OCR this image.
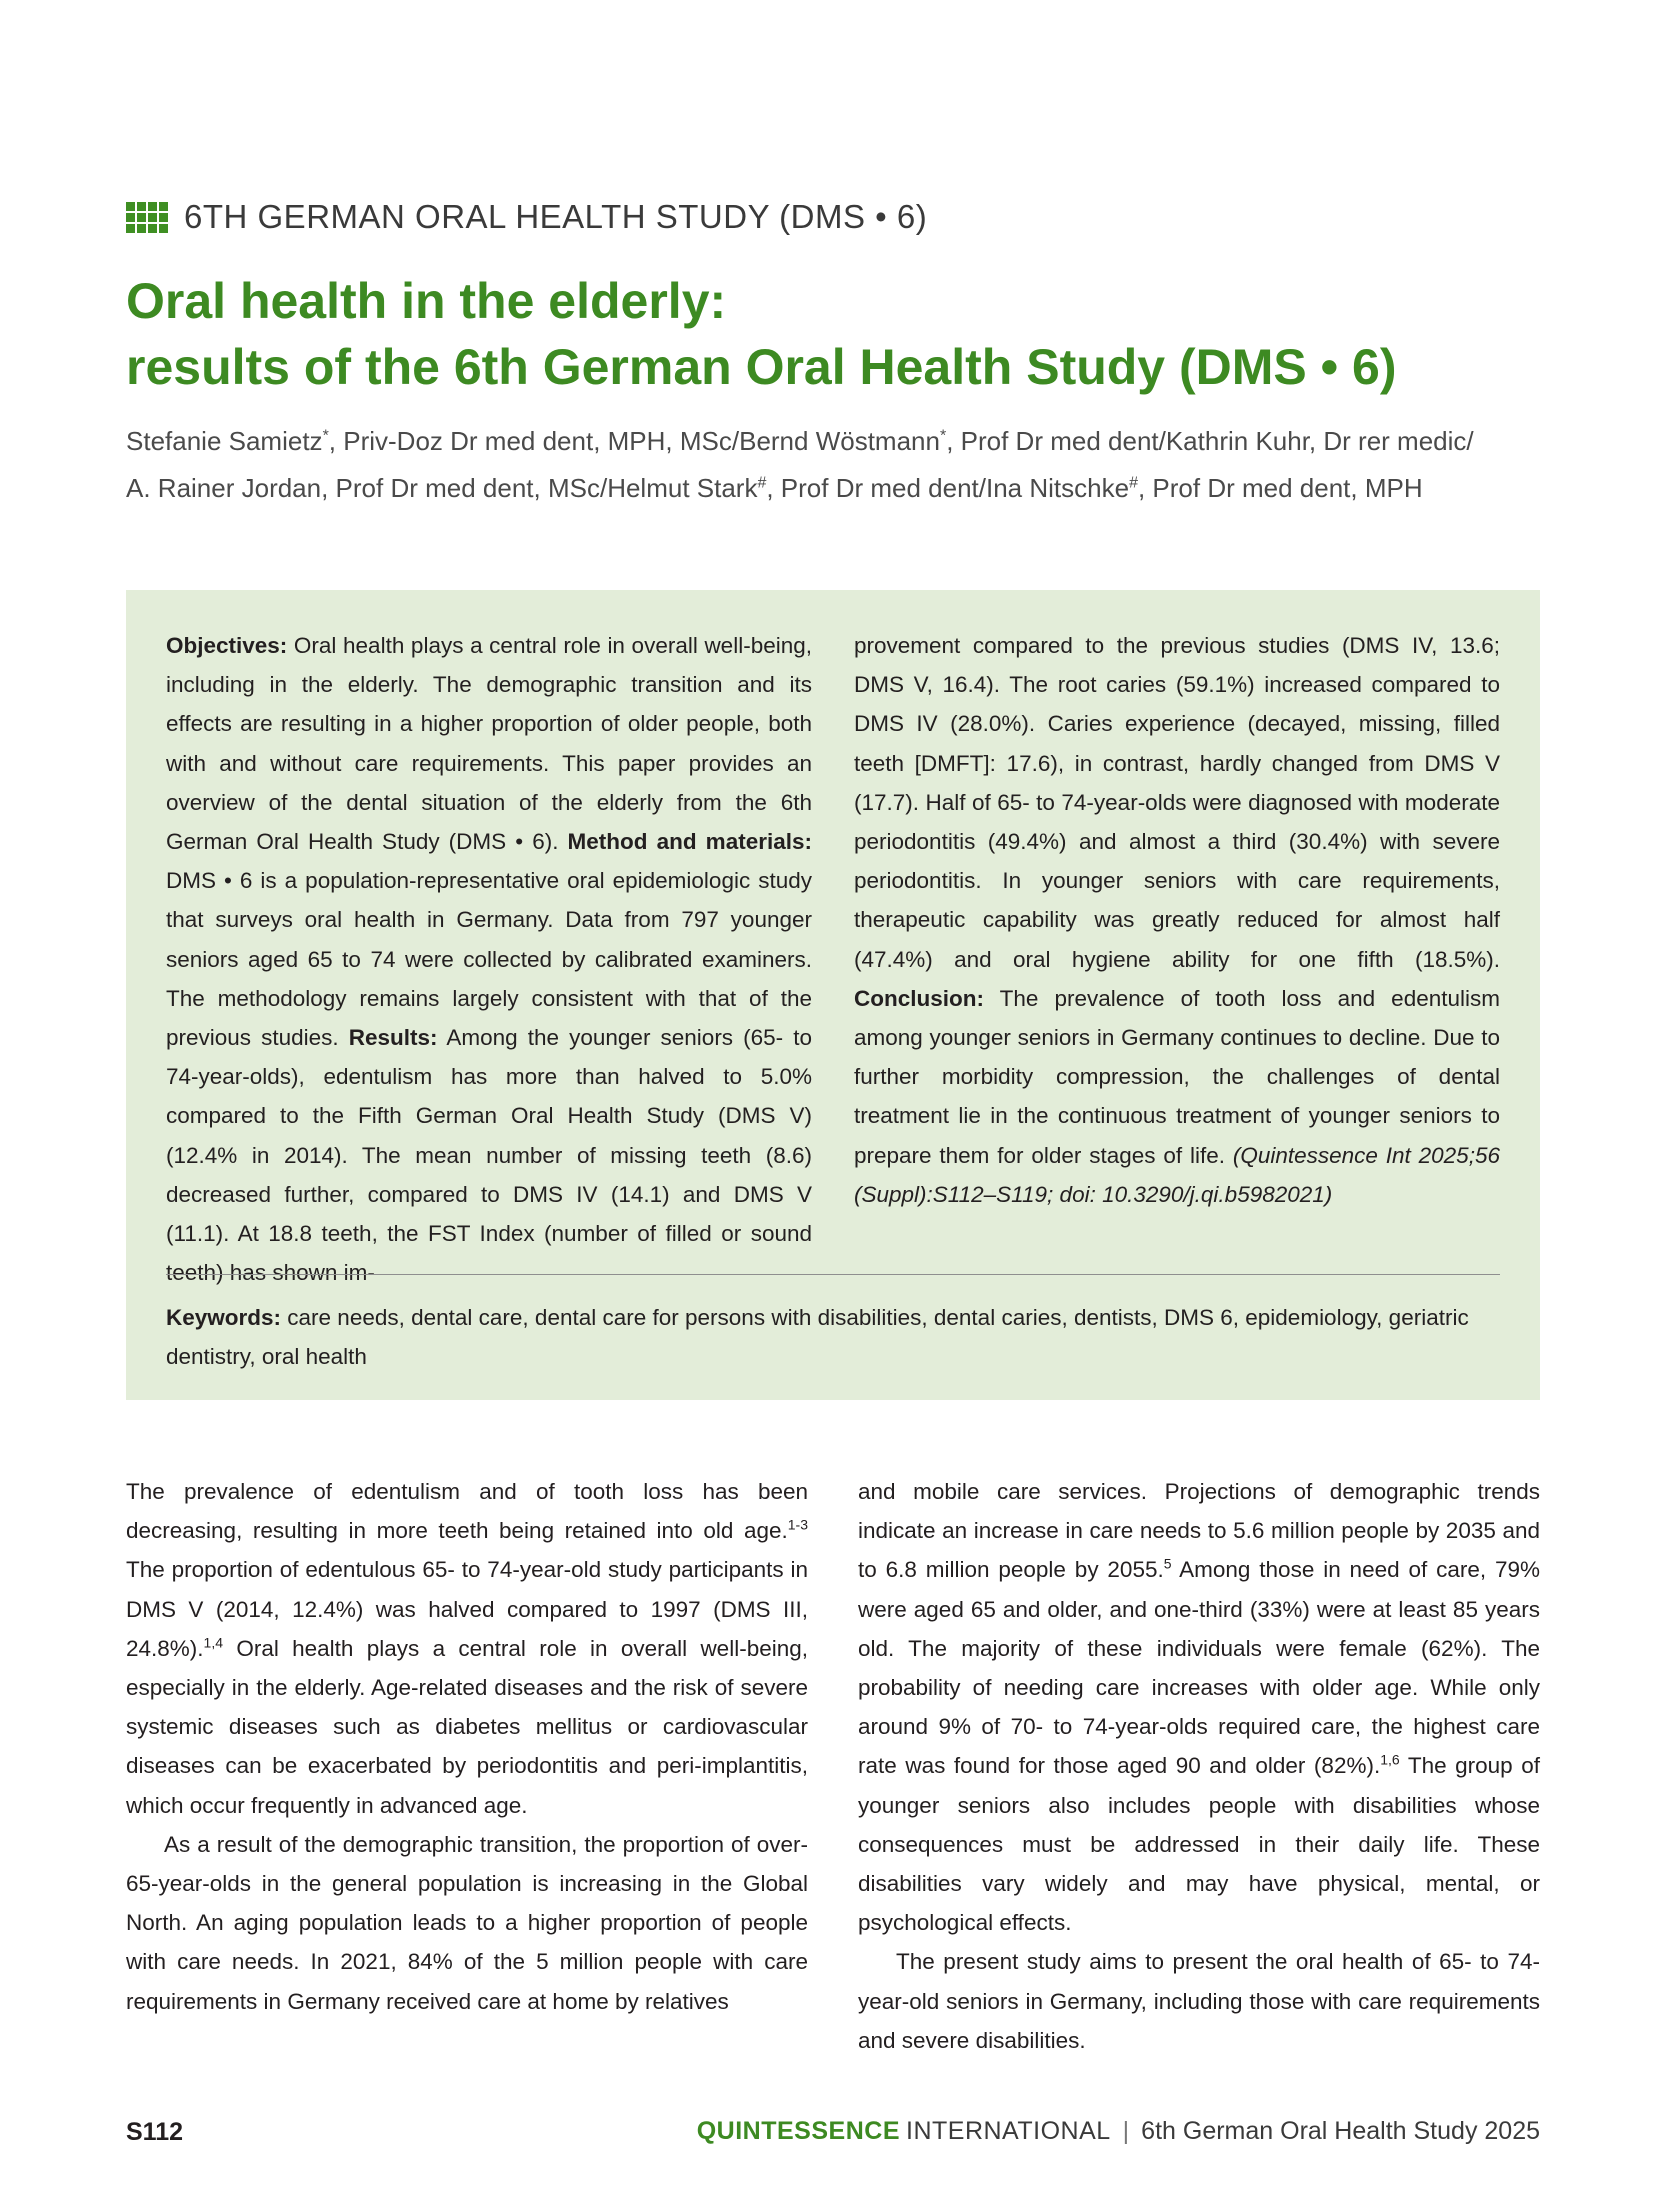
6TH GERMAN ORAL HEALTH STUDY (DMS • 6)
Oral health in the elderly:
results of the 6th German Oral Health Study (DMS • 6)

Stefanie Samietz*, Priv-Doz Dr med dent, MPH, MSc/Bernd Wöstmann*, Prof Dr med dent/Kathrin Kuhr, Dr rer medic/
A. Rainer Jordan, Prof Dr med dent, MSc/Helmut Stark#, Prof Dr med dent/Ina Nitschke#, Prof Dr med dent, MPH

Objectives: Oral health plays a central role in overall well-being, including in the elderly. The demographic transition and its effects are resulting in a higher proportion of older people, both with and without care requirements. This paper provides an overview of the dental situation of the elderly from the 6th German Oral Health Study (DMS • 6). Method and materials: DMS • 6 is a population-representative oral epidemiologic study that surveys oral health in Germany. Data from 797 younger seniors aged 65 to 74 were collected by calibrated examiners. The methodology remains largely consistent with that of the previous studies. Results: Among the younger seniors (65- to 74-year-olds), edentulism has more than halved to 5.0% compared to the Fifth German Oral Health Study (DMS V) (12.4% in 2014). The mean number of missing teeth (8.6) decreased further, compared to DMS IV (14.1) and DMS V (11.1). At 18.8 teeth, the FST Index (number of filled or sound teeth) has shown im-

provement compared to the previous studies (DMS IV, 13.6; DMS V, 16.4). The root caries (59.1%) increased compared to DMS IV (28.0%). Caries experience (decayed, missing, filled teeth [DMFT]: 17.6), in contrast, hardly changed from DMS V (17.7). Half of 65- to 74-year-olds were diagnosed with moderate periodontitis (49.4%) and almost a third (30.4%) with severe periodontitis. In younger seniors with care requirements, therapeutic capability was greatly reduced for almost half (47.4%) and oral hygiene ability for one fifth (18.5%). Conclusion: The prevalence of tooth loss and edentulism among younger seniors in Germany continues to decline. Due to further morbidity compression, the challenges of dental treatment lie in the continuous treatment of younger seniors to prepare them for older stages of life. (Quintessence Int 2025;56 (Suppl):S112–S119; doi: 10.3290/j.qi.b5982021)

Keywords: care needs, dental care, dental care for persons with disabilities, dental caries, dentists, DMS 6, epidemiology, geriatric dentistry, oral health

The prevalence of edentulism and of tooth loss has been decreasing, resulting in more teeth being retained into old age.$^{1-3}$ The proportion of edentulous 65- to 74-year-old study participants in DMS V (2014, 12.4%) was halved compared to 1997 (DMS III, 24.8%).$^{1,4}$ Oral health plays a central role in overall well-being, especially in the elderly. Age-related diseases and the risk of severe systemic diseases such as diabetes mellitus or cardiovascular diseases can be exacerbated by periodontitis and peri-implantitis, which occur frequently in advanced age.

As a result of the demographic transition, the proportion of over-65-year-olds in the general population is increasing in the Global North. An aging population leads to a higher proportion of people with care needs. In 2021, 84% of the 5 million people with care requirements in Germany received care at home by relatives

and mobile care services. Projections of demographic trends indicate an increase in care needs to 5.6 million people by 2035 and to 6.8 million people by 2055.$^5$ Among those in need of care, 79% were aged 65 and older, and one-third (33%) were at least 85 years old. The majority of these individuals were female (62%). The probability of needing care increases with older age. While only around 9% of 70- to 74-year-olds required care, the highest care rate was found for those aged 90 and older (82%).$^{1,6}$ The group of younger seniors also includes people with disabilities whose consequences must be addressed in their daily life. These disabilities vary widely and may have physical, mental, or psychological effects.

The present study aims to present the oral health of 65- to 74-year-old seniors in Germany, including those with care requirements and severe disabilities.

S112	QUINTESSENCE INTERNATIONAL | 6th German Oral Health Study 2025
